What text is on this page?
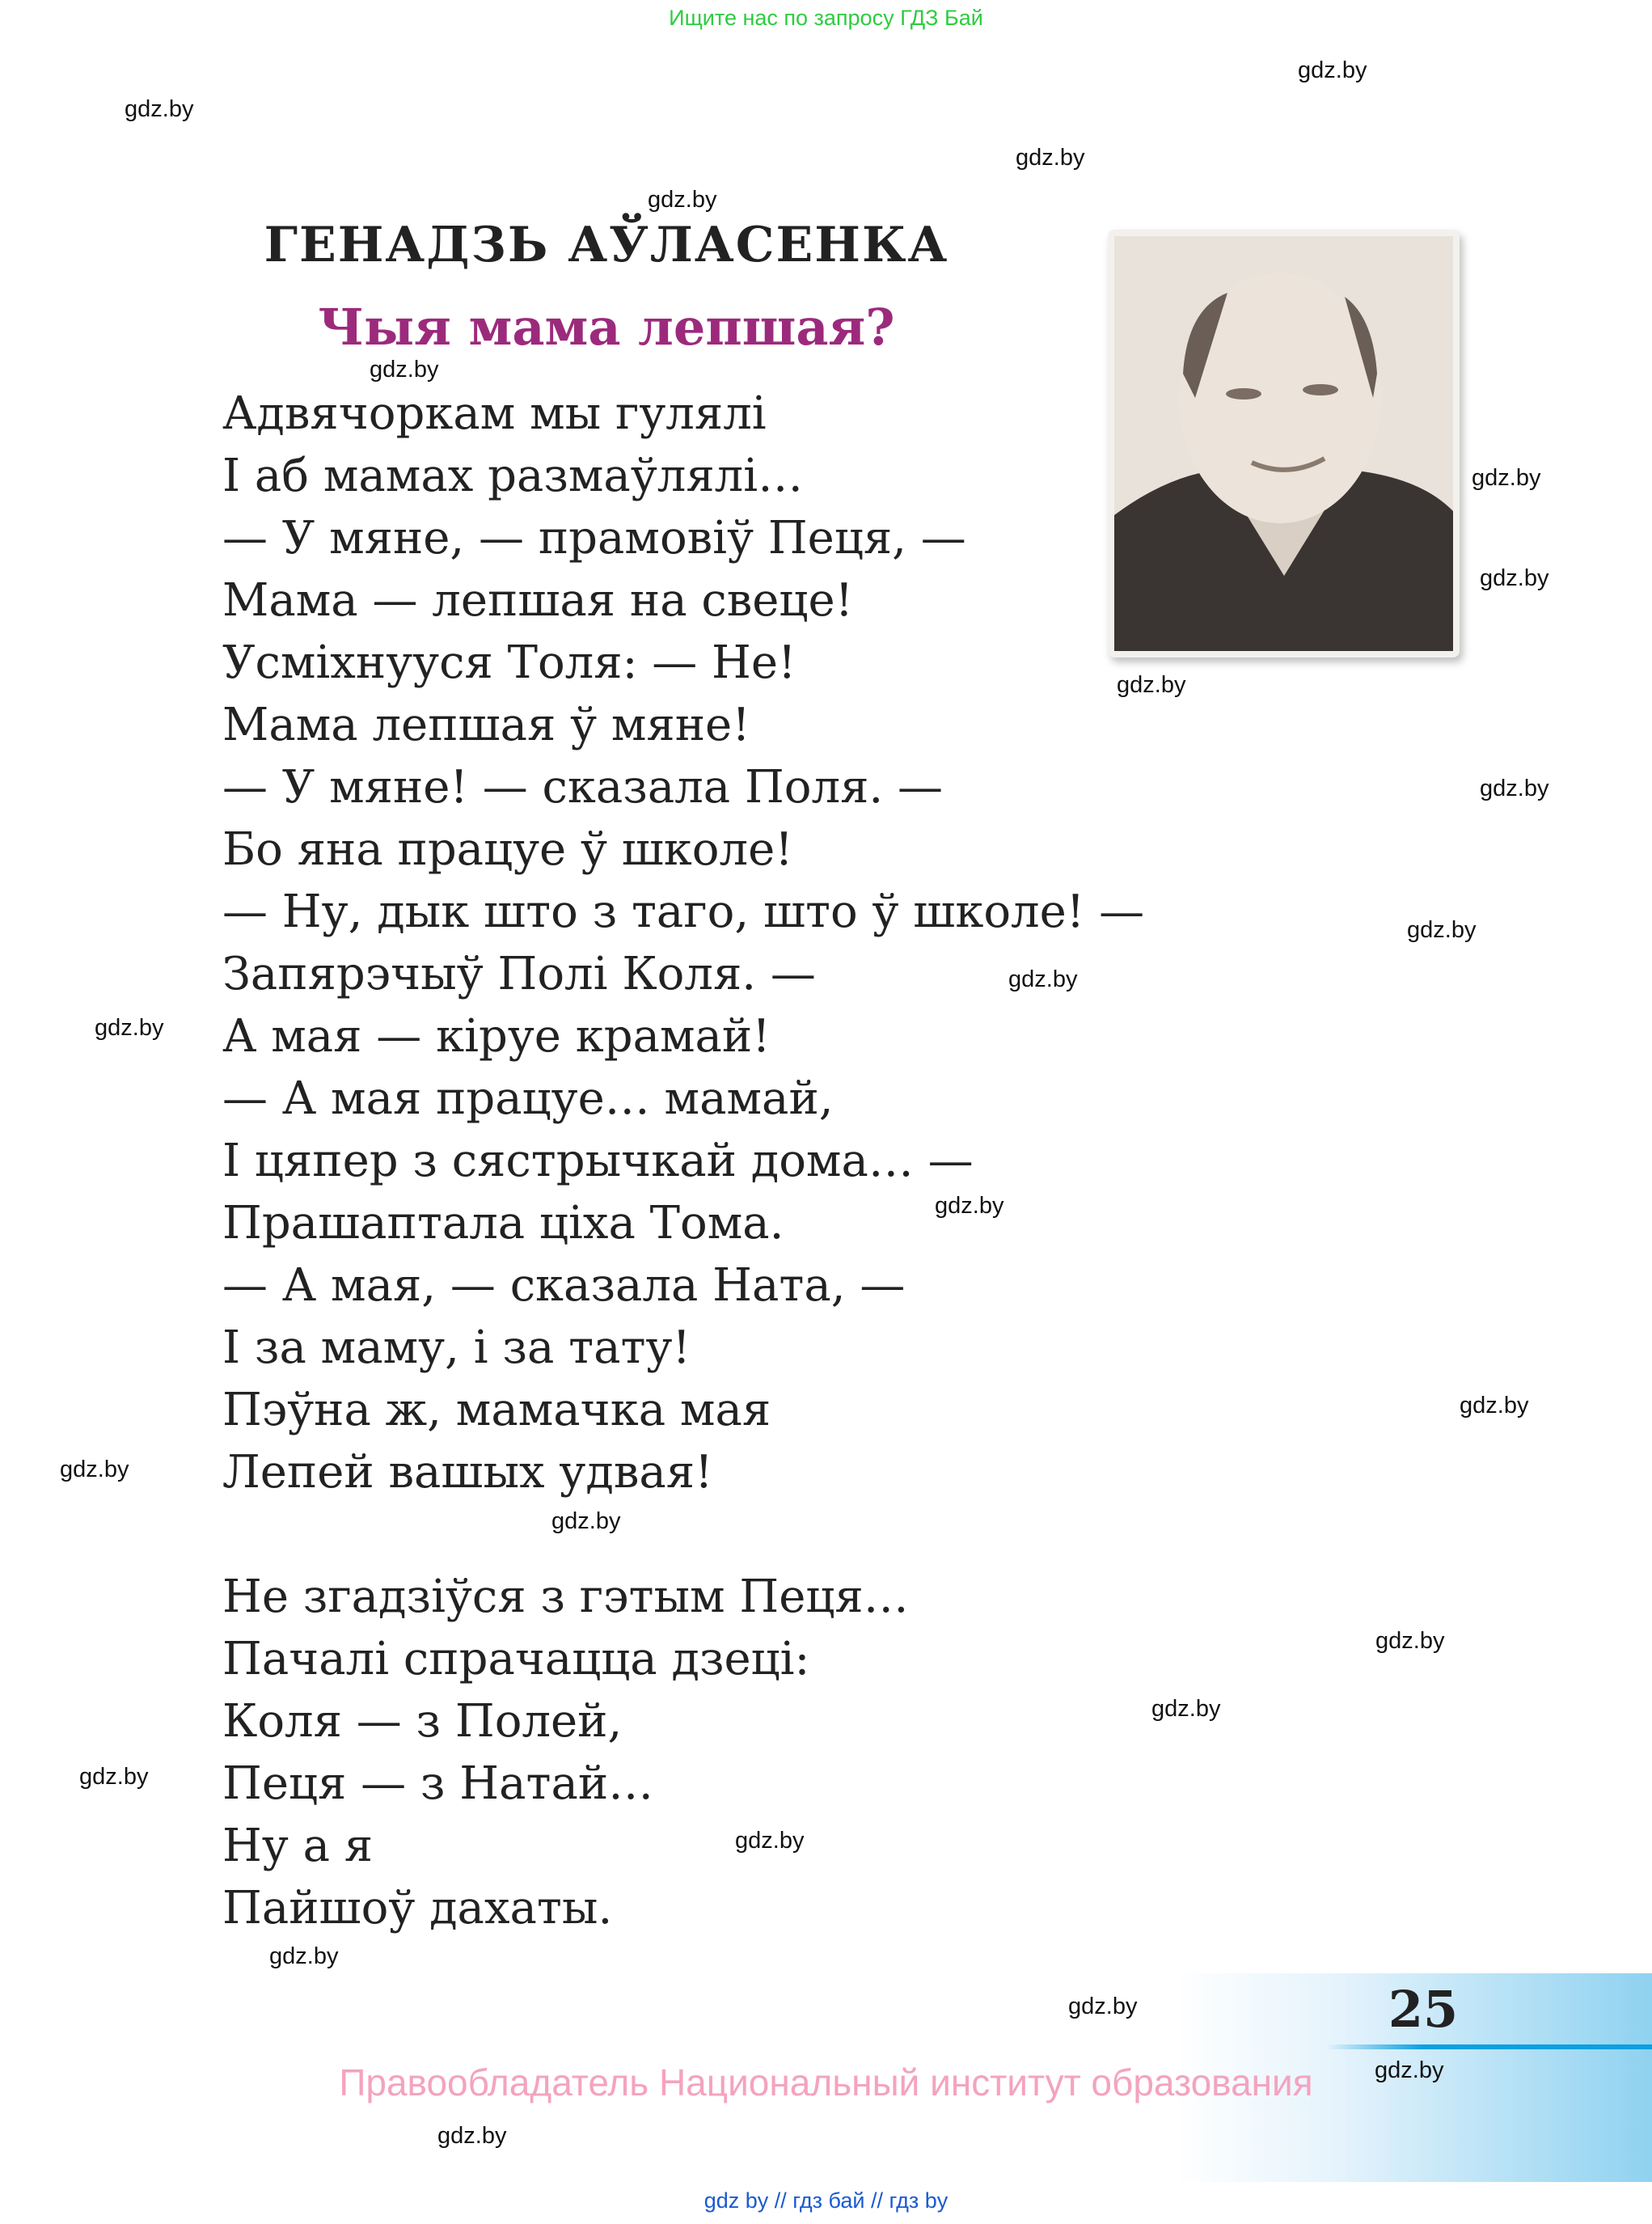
Ищите нас по запросу ГДЗ Бай
ГЕНАДЗЬ АЎЛАСЕНКА
Чыя мама лепшая?
Адвячоркам мы гулялі
І аб мамах размаўлялі…
— У мяне, — прамовіў Пеця, —
Мама — лепшая на свеце!
Усміхнууся Толя: — Не!
Мама лепшая ў мяне!
— У мяне! — сказала Поля. —
Бо яна працуе ў школе!
— Ну, дык што з таго, што ў школе! —
Запярэчыў Полі Коля. —
А мая — кіруе крамай!
— А мая працуе… мамай,
І цяпер з сястрычкай дома… —
Прашаптала ціха Тома.
— А мая, — сказала Ната, —
І за маму, і за тату!
Пэўна ж, мамачка мая
Лепей вашых удвая!
Не згадзіўся з гэтым Пеця…
Пачалі спрачацца дзеці:
Коля — з Полей,
Пеця — з Натай…
Ну а я
Пайшоў дахаты.
25
Правообладатель Национальный институт образования
gdz by // гдз бай // гдз by
gdz.by
gdz.by
gdz.by
gdz.by
gdz.by
gdz.by
gdz.by
gdz.by
gdz.by
gdz.by
gdz.by
gdz.by
gdz.by
gdz.by
gdz.by
gdz.by
gdz.by
gdz.by
gdz.by
gdz.by
gdz.by
gdz.by
gdz.by
gdz.by
